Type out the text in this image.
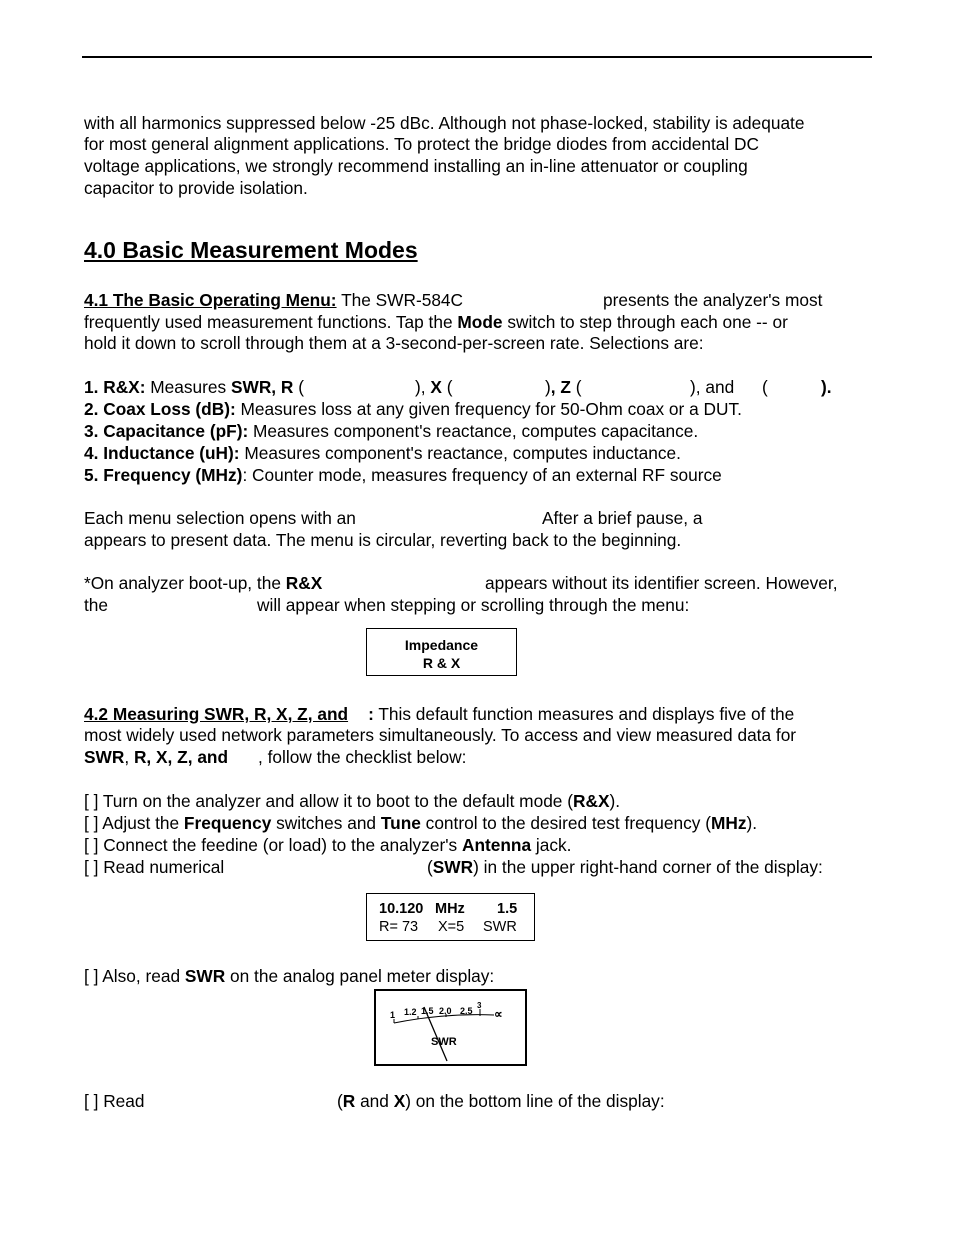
with all harmonics suppressed below -25 dBc. Although not phase-locked, stability is adequate
for most general alignment applications. To protect the bridge diodes from accidental DC
voltage applications, we strongly recommend installing an in-line attenuator or coupling
capacitor to provide isolation.
4.0 Basic Measurement Modes
4.1 The Basic Operating Menu: The SWR-584C	presents the analyzer's most
frequently used measurement functions. Tap the Mode switch to step through each one -- or
hold it down to scroll through them at a 3-second-per-screen rate. Selections are:
1. R&X: Measures SWR, R (	), X (	), Z (	), and (	).
2. Coax Loss (dB): Measures loss at any given frequency for 50-Ohm coax or a DUT.
3. Capacitance (pF): Measures component's reactance, computes capacitance.
4. Inductance (uH): Measures component's reactance, computes inductance.
5. Frequency (MHz): Counter mode, measures frequency of an external RF source
Each menu selection opens with an	After a brief pause, a
appears to present data. The menu is circular, reverting back to the beginning.
*On analyzer boot-up, the R&X	appears without its identifier screen. However,
the	will appear when stepping or scrolling through the menu:
Impedance
R & X
4.2 Measuring SWR, R, X, Z, and : This default function measures and displays five of the
most widely used network parameters simultaneously. To access and view measured data for
SWR, R, X, Z, and , follow the checklist below:
[ ] Turn on the analyzer and allow it to boot to the default mode (R&X).
[ ] Adjust the Frequency switches and Tune control to the desired test frequency (MHz).
[ ] Connect the feedine (or load) to the analyzer's Antenna jack.
[ ] Read numerical	(SWR) in the upper right-hand corner of the display:
10.120 MHz 1.5
R= 73 X=5 SWR
[ ] Also, read SWR on the analog panel meter display:
1 1.2 1.5 2.0 2.5
3
∝
SWR
[ ] Read	(R and X) on the bottom line of the display:
